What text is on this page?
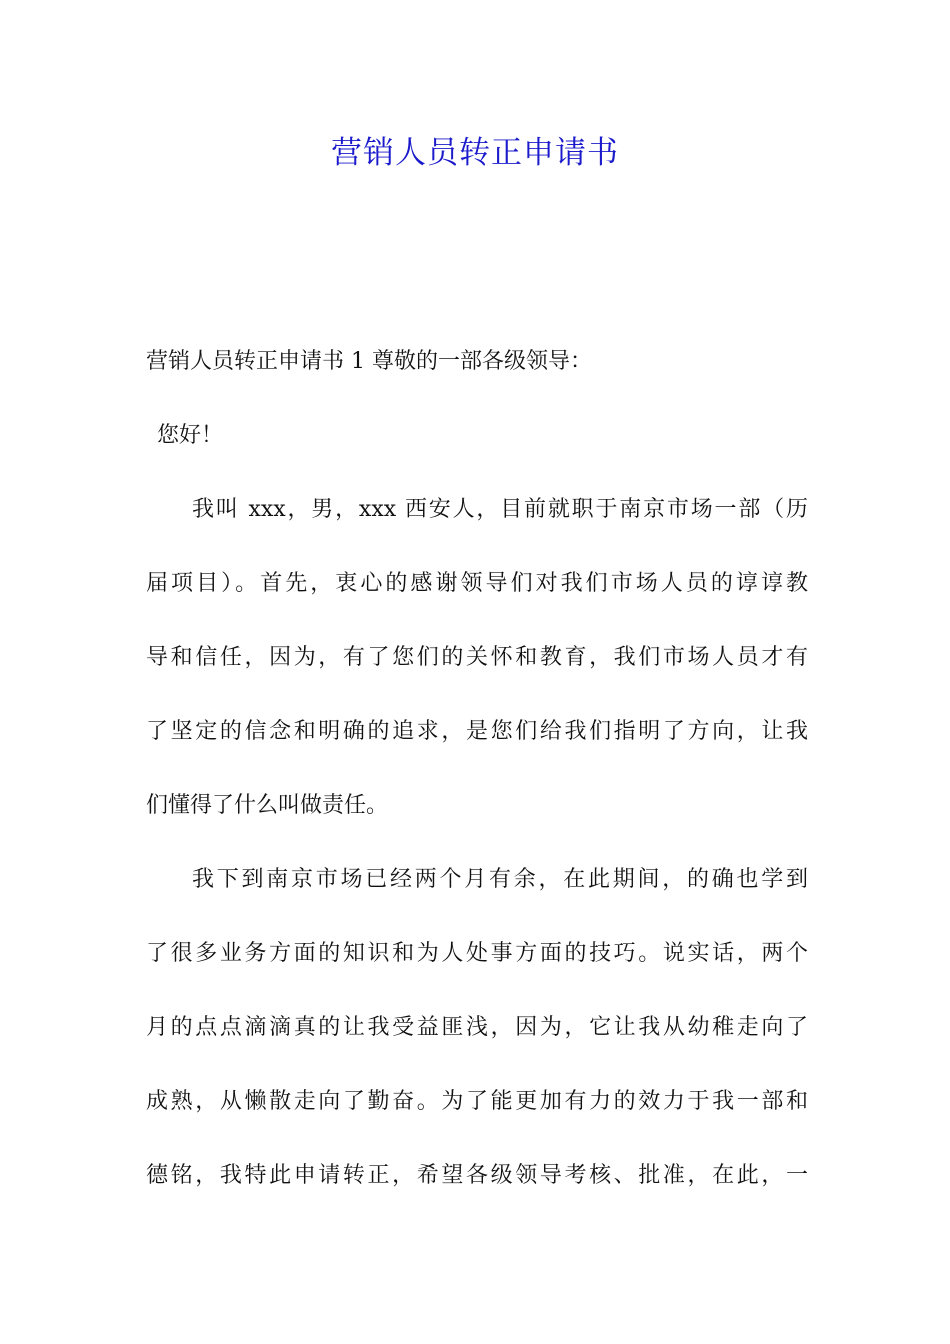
营销人员转正申请书
营销人员转正申请书 1 尊敬的一部各级领导：
您好！
我叫 xxx，男，xxx 西安人，目前就职于南京市场一部（历
届项目）。首先，衷心的感谢领导们对我们市场人员的谆谆教
导和信任，因为，有了您们的关怀和教育，我们市场人员才有
了坚定的信念和明确的追求，是您们给我们指明了方向，让我
们懂得了什么叫做责任。
我下到南京市场已经两个月有余，在此期间，的确也学到
了很多业务方面的知识和为人处事方面的技巧。说实话，两个
月的点点滴滴真的让我受益匪浅，因为，它让我从幼稚走向了
成熟，从懒散走向了勤奋。为了能更加有力的效力于我一部和
德铭，我特此申请转正，希望各级领导考核、批准，在此，一
